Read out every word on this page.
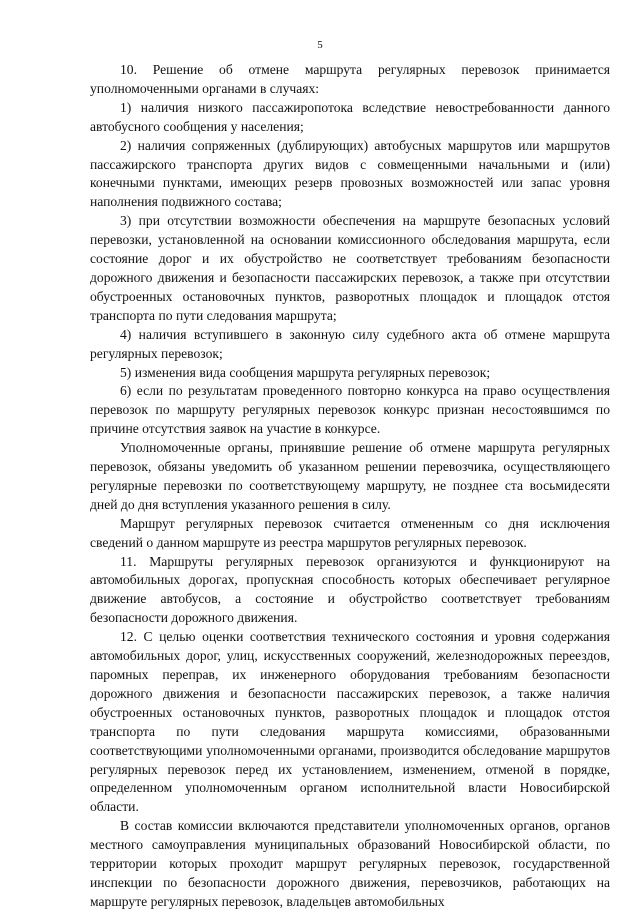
5

10. Решение об отмене маршрута регулярных перевозок принимается уполномоченными органами в случаях:

1) наличия низкого пассажиропотока вследствие невостребованности данного автобусного сообщения у населения;

2) наличия сопряженных (дублирующих) автобусных маршрутов или маршрутов пассажирского транспорта других видов с совмещенными начальными и (или) конечными пунктами, имеющих резерв провозных возможностей или запас уровня наполнения подвижного состава;

3) при отсутствии возможности обеспечения на маршруте безопасных условий перевозки, установленной на основании комиссионного обследования маршрута, если состояние дорог и их обустройство не соответствует требованиям безопасности дорожного движения и безопасности пассажирских перевозок, а также при отсутствии обустроенных остановочных пунктов, разворотных площадок и площадок отстоя транспорта по пути следования маршрута;

4) наличия вступившего в законную силу судебного акта об отмене маршрута регулярных перевозок;

5) изменения вида сообщения маршрута регулярных перевозок;

6) если по результатам проведенного повторно конкурса на право осуществления перевозок по маршруту регулярных перевозок конкурс признан несостоявшимся по причине отсутствия заявок на участие в конкурсе.

Уполномоченные органы, принявшие решение об отмене маршрута регулярных перевозок, обязаны уведомить об указанном решении перевозчика, осуществляющего регулярные перевозки по соответствующему маршруту, не позднее ста восьмидесяти дней до дня вступления указанного решения в силу.

Маршрут регулярных перевозок считается отмененным со дня исключения сведений о данном маршруте из реестра маршрутов регулярных перевозок.

11. Маршруты регулярных перевозок организуются и функционируют на автомобильных дорогах, пропускная способность которых обеспечивает регулярное движение автобусов, а состояние и обустройство соответствует требованиям безопасности дорожного движения.

12. С целью оценки соответствия технического состояния и уровня содержания автомобильных дорог, улиц, искусственных сооружений, железнодорожных переездов, паромных переправ, их инженерного оборудования требованиям безопасности дорожного движения и безопасности пассажирских перевозок, а также наличия обустроенных остановочных пунктов, разворотных площадок и площадок отстоя транспорта по пути следования маршрута комиссиями, образованными соответствующими уполномоченными органами, производится обследование маршрутов регулярных перевозок перед их установлением, изменением, отменой в порядке, определенном уполномоченным органом исполнительной власти Новосибирской области.

В состав комиссии включаются представители уполномоченных органов, органов местного самоуправления муниципальных образований Новосибирской области, по территории которых проходит маршрут регулярных перевозок, государственной инспекции по безопасности дорожного движения, перевозчиков, работающих на маршруте регулярных перевозок, владельцев автомобильных
